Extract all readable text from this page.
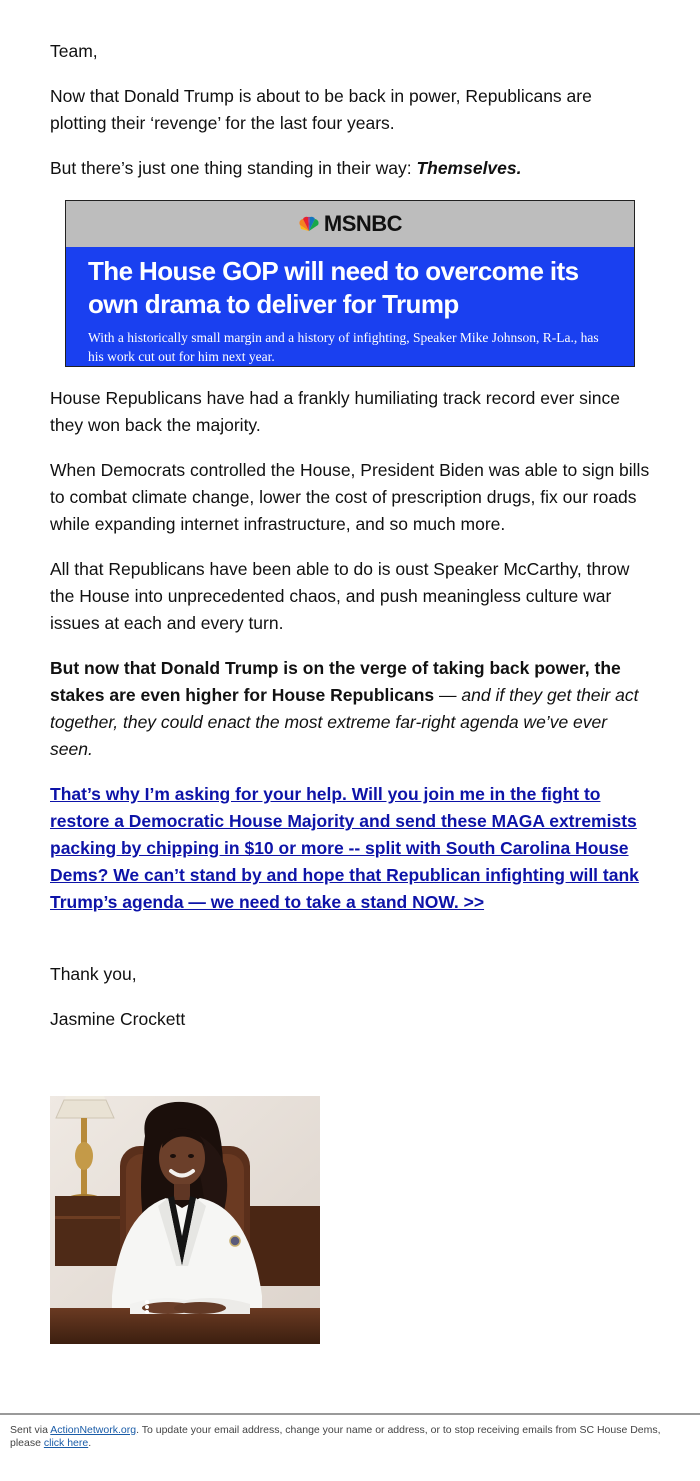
Team,

Now that Donald Trump is about to be back in power, Republicans are plotting their ‘revenge’ for the last four years.

But there’s just one thing standing in their way: Themselves.

MSNBC

The House GOP will need to overcome its own drama to deliver for Trump

With a historically small margin and a history of infighting, Speaker Mike Johnson, R-La., has his work cut out for him next year.

House Republicans have had a frankly humiliating track record ever since they won back the majority.

When Democrats controlled the House, President Biden was able to sign bills to combat climate change, lower the cost of prescription drugs, fix our roads while expanding internet infrastructure, and so much more.

All that Republicans have been able to do is oust Speaker McCarthy, throw the House into unprecedented chaos, and push meaningless culture war issues at each and every turn.

But now that Donald Trump is on the verge of taking back power, the stakes are even higher for House Republicans — and if they get their act together, they could enact the most extreme far-right agenda we’ve ever seen.

That’s why I’m asking for your help. Will you join me in the fight to restore a Democratic House Majority and send these MAGA extremists packing by chipping in $10 or more -- split with South Carolina House Dems? We can’t stand by and hope that Republican infighting will tank Trump’s agenda — we need to take a stand NOW. >>

Thank you,

Jasmine Crockett

Sent via ActionNetwork.org. To update your email address, change your name or address, or to stop receiving emails from SC House Dems, please click here.
